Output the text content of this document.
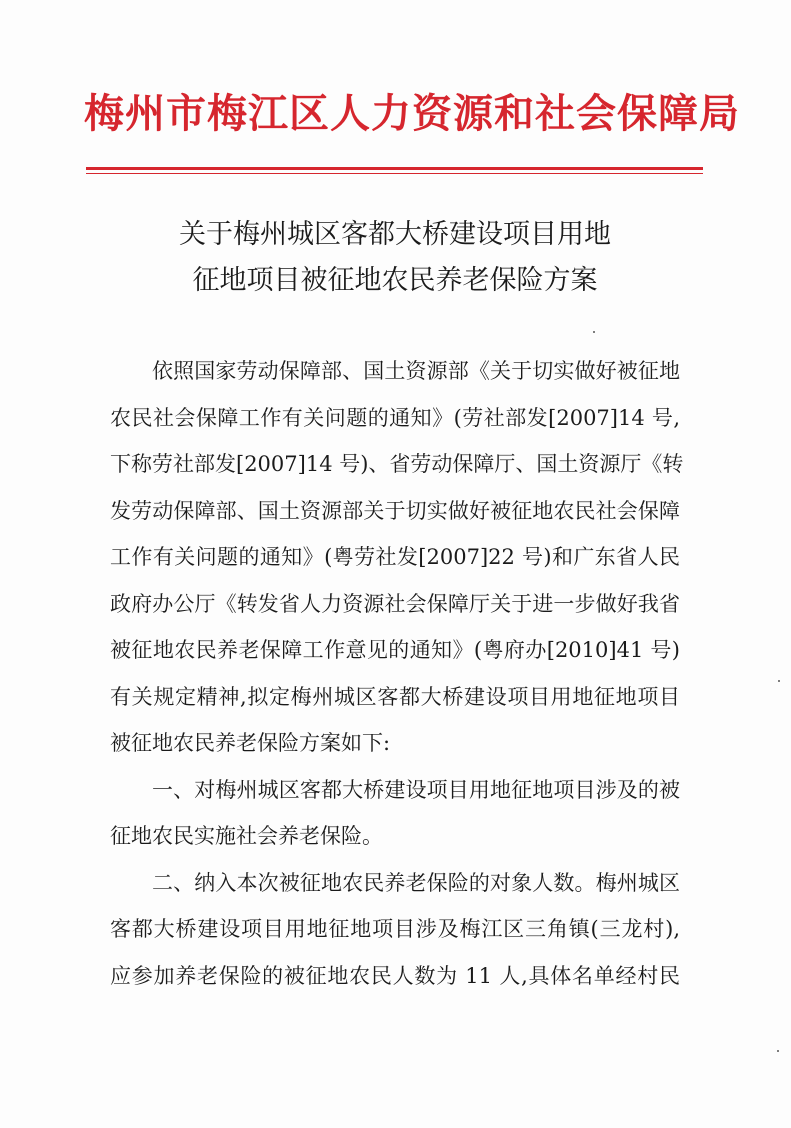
梅州市梅江区人力资源和社会保障局
关于梅州城区客都大桥建设项目用地
征地项目被征地农民养老保险方案
依照国家劳动保障部、国土资源部《关于切实做好被征地
农民社会保障工作有关问题的通知》(劳社部发[2007]14 号,
下称劳社部发[2007]14 号)、省劳动保障厅、国土资源厅《转
发劳动保障部、国土资源部关于切实做好被征地农民社会保障
工作有关问题的通知》(粤劳社发[2007]22 号)和广东省人民
政府办公厅《转发省人力资源社会保障厅关于进一步做好我省
被征地农民养老保障工作意见的通知》(粤府办[2010]41 号)
有关规定精神,拟定梅州城区客都大桥建设项目用地征地项目
被征地农民养老保险方案如下:
一、对梅州城区客都大桥建设项目用地征地项目涉及的被
征地农民实施社会养老保险。
二、纳入本次被征地农民养老保险的对象人数。梅州城区
客都大桥建设项目用地征地项目涉及梅江区三角镇(三龙村),
应参加养老保险的被征地农民人数为 11 人,具体名单经村民
